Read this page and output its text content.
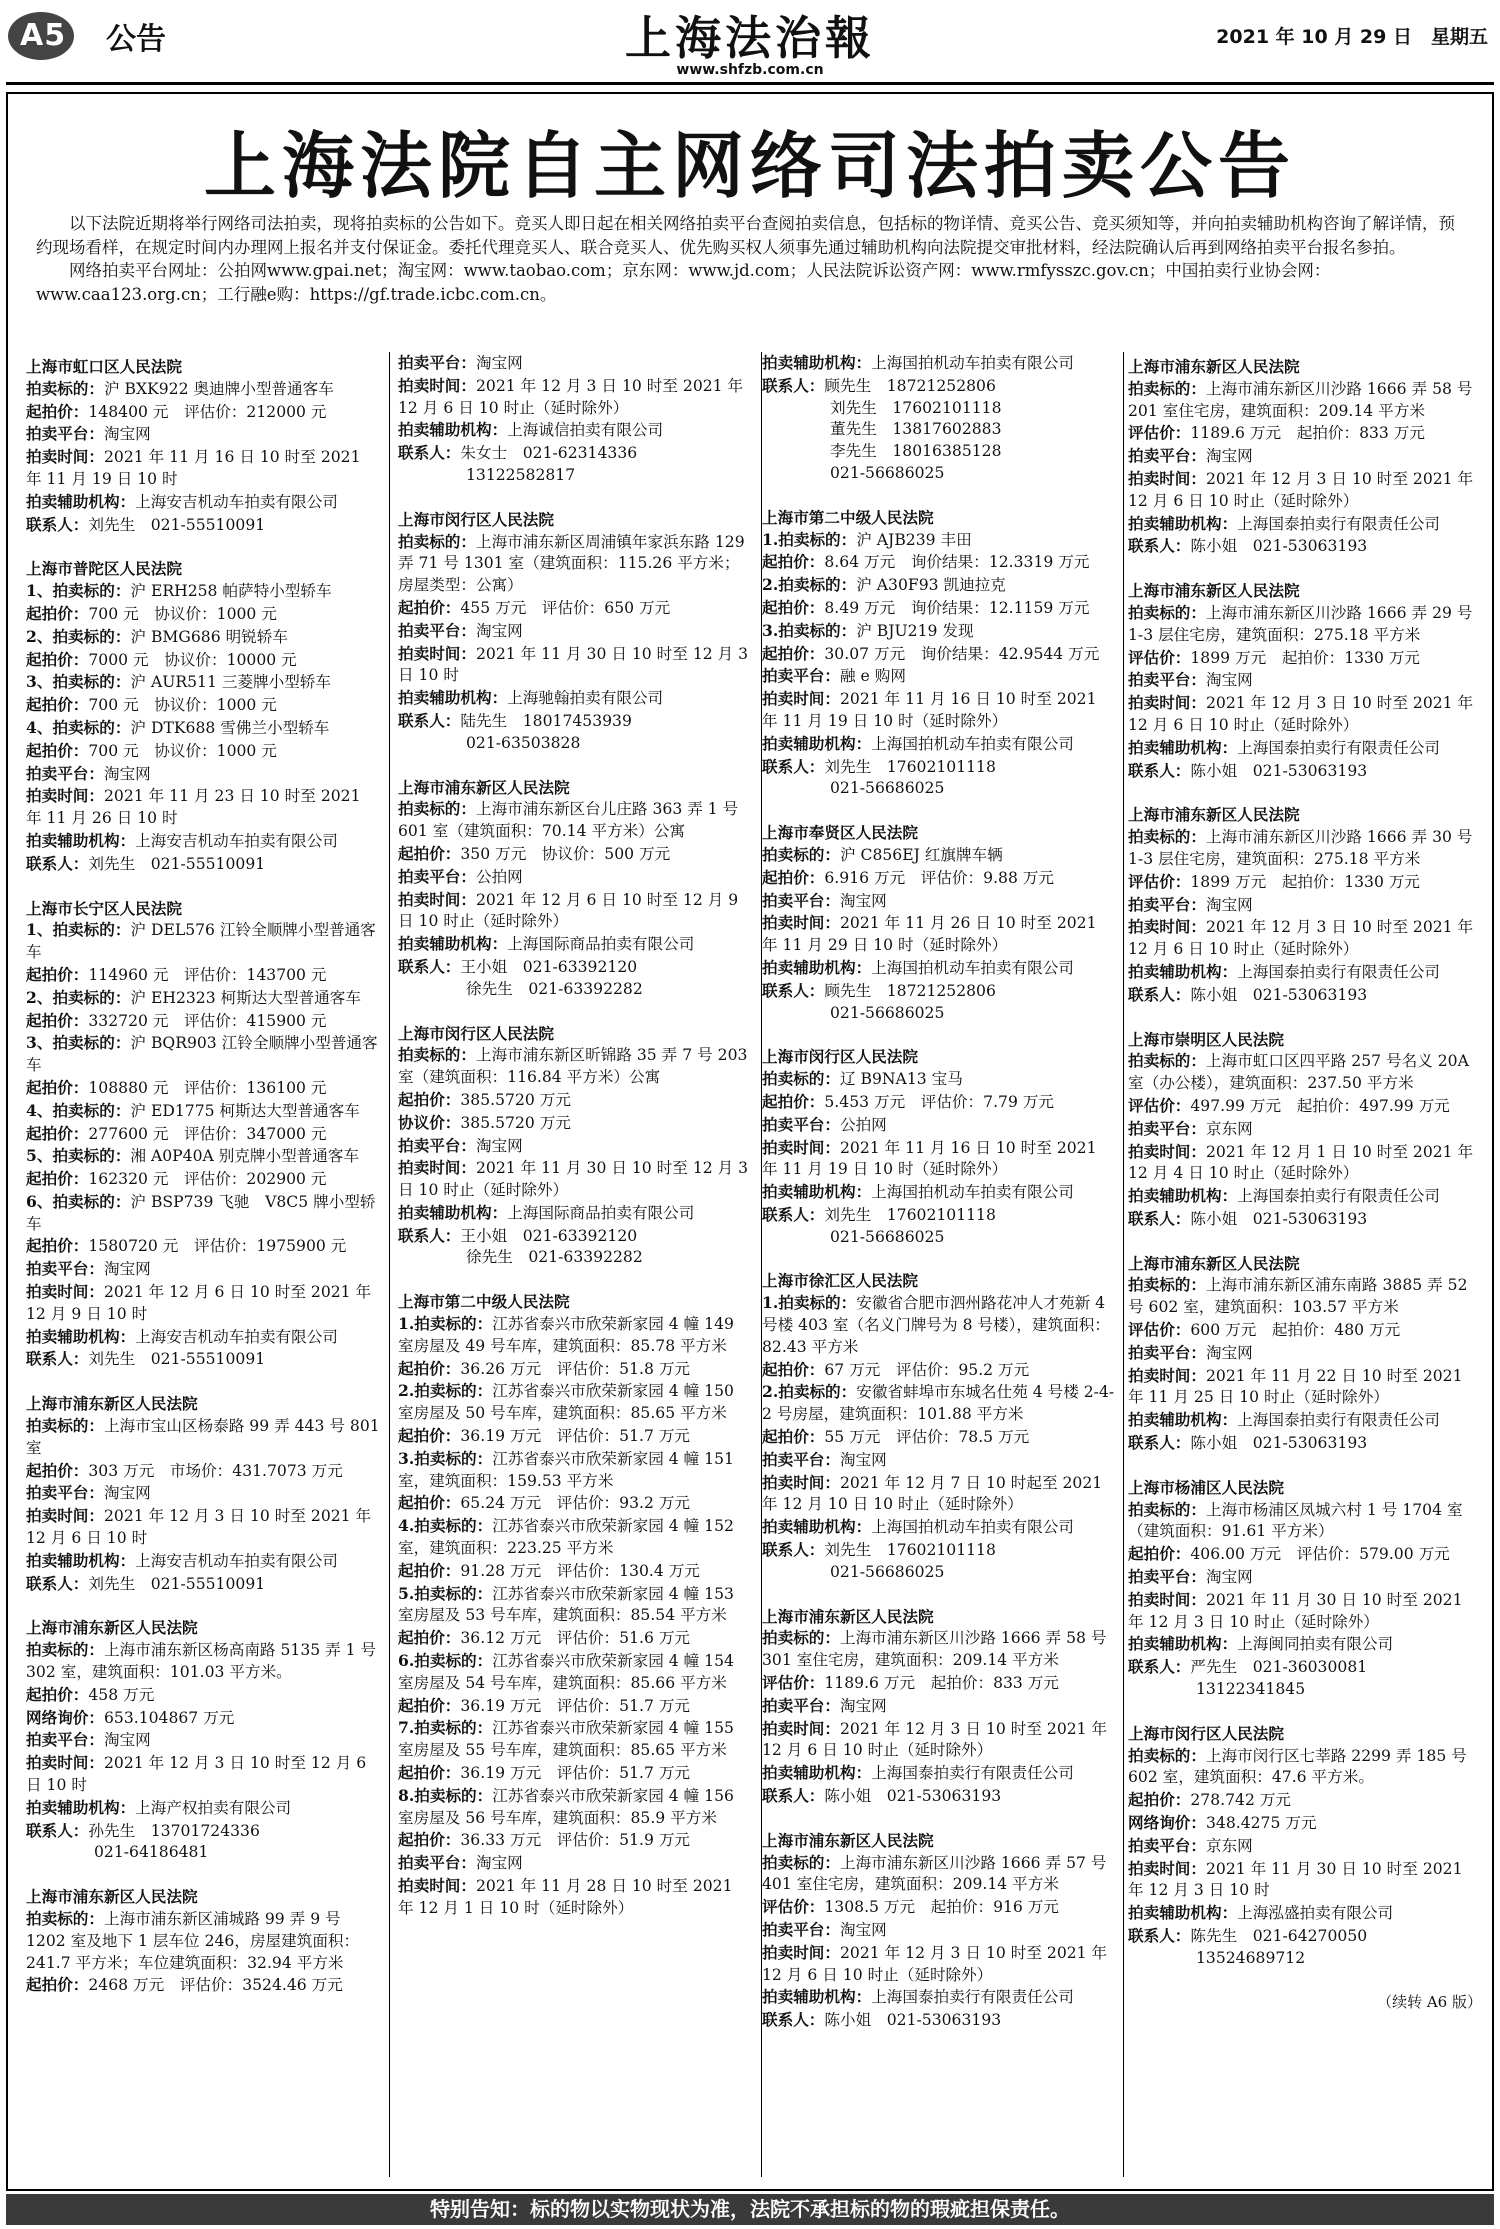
A5 公告	上海法治報
www.shfzb.com.cn
2021 年 10 月 29 日　星期五
上海法院自主网络司法拍卖公告

以下法院近期将举行网络司法拍卖，现将拍卖标的公告如下。竞买人即日起在相关网络拍卖平台查阅拍卖信息，包括标的物详情、竞买公告、竞买须知等，并向拍卖辅助机构咨询了解详情，预约现场看样，在规定时间内办理网上报名并支付保证金。委托代理竞买人、联合竞买人、优先购买权人须事先通过辅助机构向法院提交审批材料，经法院确认后再到网络拍卖平台报名参拍。

网络拍卖平台网址：公拍网www.gpai.net；淘宝网：www.taobao.com；京东网：www.jd.com；人民法院诉讼资产网：www.rmfysszc.gov.cn；中国拍卖行业协会网：www.caa123.org.cn；工行融e购：https://gf.trade.icbc.com.cn。

上海市虹口区人民法院

拍卖标的：沪 BXK922 奥迪牌小型普通客车

起拍价：148400 元　评估价：212000 元

拍卖平台：淘宝网

拍卖时间：2021 年 11 月 16 日 10 时至 2021 年 11 月 19 日 10 时

拍卖辅助机构：上海安吉机动车拍卖有限公司

联系人：刘先生　021-55510091

上海市普陀区人民法院

1、拍卖标的：沪 ERH258 帕萨特小型轿车

起拍价：700 元　协议价：1000 元

2、拍卖标的：沪 BMG686 明锐轿车

起拍价：7000 元　协议价：10000 元

3、拍卖标的：沪 AUR511 三菱牌小型轿车

起拍价：700 元　协议价：1000 元

4、拍卖标的：沪 DTK688 雪佛兰小型轿车

起拍价：700 元　协议价：1000 元

拍卖平台：淘宝网

拍卖时间：2021 年 11 月 23 日 10 时至 2021 年 11 月 26 日 10 时

拍卖辅助机构：上海安吉机动车拍卖有限公司

联系人：刘先生　021-55510091

上海市长宁区人民法院

1、拍卖标的：沪 DEL576 江铃全顺牌小型普通客车

起拍价：114960 元　评估价：143700 元

2、拍卖标的：沪 EH2323 柯斯达大型普通客车

起拍价：332720 元　评估价：415900 元

3、拍卖标的：沪 BQR903 江铃全顺牌小型普通客车

起拍价：108880 元　评估价：136100 元

4、拍卖标的：沪 ED1775 柯斯达大型普通客车

起拍价：277600 元　评估价：347000 元

5、拍卖标的：湘 A0P40A 别克牌小型普通客车

起拍价：162320 元　评估价：202900 元

6、拍卖标的：沪 BSP739 飞驰　V8C5 牌小型轿车

起拍价：1580720 元　评估价：1975900 元

拍卖平台：淘宝网

拍卖时间：2021 年 12 月 6 日 10 时至 2021 年 12 月 9 日 10 时

拍卖辅助机构：上海安吉机动车拍卖有限公司

联系人：刘先生　021-55510091

上海市浦东新区人民法院

拍卖标的：上海市宝山区杨泰路 99 弄 443 号 801 室

起拍价：303 万元　市场价：431.7073 万元

拍卖平台：淘宝网

拍卖时间：2021 年 12 月 3 日 10 时至 2021 年 12 月 6 日 10 时

拍卖辅助机构：上海安吉机动车拍卖有限公司

联系人：刘先生　021-55510091

上海市浦东新区人民法院

拍卖标的：上海市浦东新区杨高南路 5135 弄 1 号 302 室，建筑面积：101.03 平方米。

起拍价：458 万元

网络询价：653.104867 万元

拍卖平台：淘宝网

拍卖时间：2021 年 12 月 3 日 10 时至 12 月 6 日 10 时

拍卖辅助机构：上海产权拍卖有限公司

联系人：孙先生　13701724336

021-64186481

上海市浦东新区人民法院

拍卖标的：上海市浦东新区浦城路 99 弄 9 号 1202 室及地下 1 层车位 246，房屋建筑面积：241.7 平方米；车位建筑面积：32.94 平方米

起拍价：2468 万元　评估价：3524.46 万元

拍卖平台：淘宝网

拍卖时间：2021 年 12 月 3 日 10 时至 2021 年 12 月 6 日 10 时止（延时除外）

拍卖辅助机构：上海诚信拍卖有限公司

联系人：朱女士　021-62314336

13122582817

上海市闵行区人民法院

拍卖标的：上海市浦东新区周浦镇年家浜东路 129 弄 71 号 1301 室（建筑面积：115.26 平方米；房屋类型：公寓）

起拍价：455 万元　评估价：650 万元

拍卖平台：淘宝网

拍卖时间：2021 年 11 月 30 日 10 时至 12 月 3 日 10 时

拍卖辅助机构：上海驰翰拍卖有限公司

联系人：陆先生　18017453939

021-63503828

上海市浦东新区人民法院

拍卖标的：上海市浦东新区台儿庄路 363 弄 1 号 601 室（建筑面积：70.14 平方米）公寓

起拍价：350 万元　协议价：500 万元

拍卖平台：公拍网

拍卖时间：2021 年 12 月 6 日 10 时至 12 月 9 日 10 时止（延时除外）

拍卖辅助机构：上海国际商品拍卖有限公司

联系人：王小姐　021-63392120

徐先生　021-63392282

上海市闵行区人民法院

拍卖标的：上海市浦东新区昕锦路 35 弄 7 号 203 室（建筑面积：116.84 平方米）公寓

起拍价：385.5720 万元

协议价：385.5720 万元

拍卖平台：淘宝网

拍卖时间：2021 年 11 月 30 日 10 时至 12 月 3 日 10 时止（延时除外）

拍卖辅助机构：上海国际商品拍卖有限公司

联系人：王小姐　021-63392120

徐先生　021-63392282

上海市第二中级人民法院

1.拍卖标的：江苏省泰兴市欣荣新家园 4 幢 149 室房屋及 49 号车库，建筑面积：85.78 平方米

起拍价：36.26 万元　评估价：51.8 万元

2.拍卖标的：江苏省泰兴市欣荣新家园 4 幢 150 室房屋及 50 号车库，建筑面积：85.65 平方米

起拍价：36.19 万元　评估价：51.7 万元

3.拍卖标的：江苏省泰兴市欣荣新家园 4 幢 151 室，建筑面积：159.53 平方米

起拍价：65.24 万元　评估价：93.2 万元

4.拍卖标的：江苏省泰兴市欣荣新家园 4 幢 152 室，建筑面积：223.25 平方米

起拍价：91.28 万元　评估价：130.4 万元

5.拍卖标的：江苏省泰兴市欣荣新家园 4 幢 153 室房屋及 53 号车库，建筑面积：85.54 平方米

起拍价：36.12 万元　评估价：51.6 万元

6.拍卖标的：江苏省泰兴市欣荣新家园 4 幢 154 室房屋及 54 号车库，建筑面积：85.66 平方米

起拍价：36.19 万元　评估价：51.7 万元

7.拍卖标的：江苏省泰兴市欣荣新家园 4 幢 155 室房屋及 55 号车库，建筑面积：85.65 平方米

起拍价：36.19 万元　评估价：51.7 万元

8.拍卖标的：江苏省泰兴市欣荣新家园 4 幢 156 室房屋及 56 号车库，建筑面积：85.9 平方米

起拍价：36.33 万元　评估价：51.9 万元

拍卖平台：淘宝网

拍卖时间：2021 年 11 月 28 日 10 时至 2021 年 12 月 1 日 10 时（延时除外）

拍卖辅助机构：上海国拍机动车拍卖有限公司

联系人：顾先生　18721252806

刘先生　17602101118

董先生　13817602883

李先生　18016385128

021-56686025

上海市第二中级人民法院

1.拍卖标的：沪 AJB239 丰田

起拍价：8.64 万元　询价结果：12.3319 万元

2.拍卖标的：沪 A30F93 凯迪拉克

起拍价：8.49 万元　询价结果：12.1159 万元

3.拍卖标的：沪 BJU219 发现

起拍价：30.07 万元　询价结果：42.9544 万元

拍卖平台：融 e 购网

拍卖时间：2021 年 11 月 16 日 10 时至 2021 年 11 月 19 日 10 时（延时除外）

拍卖辅助机构：上海国拍机动车拍卖有限公司

联系人：刘先生　17602101118

021-56686025

上海市奉贤区人民法院

拍卖标的：沪 C856EJ 红旗牌车辆

起拍价：6.916 万元　评估价：9.88 万元

拍卖平台：淘宝网

拍卖时间：2021 年 11 月 26 日 10 时至 2021 年 11 月 29 日 10 时（延时除外）

拍卖辅助机构：上海国拍机动车拍卖有限公司

联系人：顾先生　18721252806

021-56686025

上海市闵行区人民法院

拍卖标的：辽 B9NA13 宝马

起拍价：5.453 万元　评估价：7.79 万元

拍卖平台：公拍网

拍卖时间：2021 年 11 月 16 日 10 时至 2021 年 11 月 19 日 10 时（延时除外）

拍卖辅助机构：上海国拍机动车拍卖有限公司

联系人：刘先生　17602101118

021-56686025

上海市徐汇区人民法院

1.拍卖标的：安徽省合肥市泗州路花冲人才苑新 4 号楼 403 室（名义门牌号为 8 号楼），建筑面积：82.43 平方米

起拍价：67 万元　评估价：95.2 万元

2.拍卖标的：安徽省蚌埠市东城名仕苑 4 号楼 2-4-2 号房屋，建筑面积：101.88 平方米

起拍价：55 万元　评估价：78.5 万元

拍卖平台：淘宝网

拍卖时间：2021 年 12 月 7 日 10 时起至 2021 年 12 月 10 日 10 时止（延时除外）

拍卖辅助机构：上海国拍机动车拍卖有限公司

联系人：刘先生　17602101118

021-56686025

上海市浦东新区人民法院

拍卖标的：上海市浦东新区川沙路 1666 弄 58 号 301 室住宅房，建筑面积：209.14 平方米

评估价：1189.6 万元　起拍价：833 万元

拍卖平台：淘宝网

拍卖时间：2021 年 12 月 3 日 10 时至 2021 年 12 月 6 日 10 时止（延时除外）

拍卖辅助机构：上海国泰拍卖行有限责任公司

联系人：陈小姐　021-53063193

上海市浦东新区人民法院

拍卖标的：上海市浦东新区川沙路 1666 弄 57 号 401 室住宅房，建筑面积：209.14 平方米

评估价：1308.5 万元　起拍价：916 万元

拍卖平台：淘宝网

拍卖时间：2021 年 12 月 3 日 10 时至 2021 年 12 月 6 日 10 时止（延时除外）

拍卖辅助机构：上海国泰拍卖行有限责任公司

联系人：陈小姐　021-53063193

上海市浦东新区人民法院

拍卖标的：上海市浦东新区川沙路 1666 弄 58 号 201 室住宅房，建筑面积：209.14 平方米

评估价：1189.6 万元　起拍价：833 万元

拍卖平台：淘宝网

拍卖时间：2021 年 12 月 3 日 10 时至 2021 年 12 月 6 日 10 时止（延时除外）

拍卖辅助机构：上海国泰拍卖行有限责任公司

联系人：陈小姐　021-53063193

上海市浦东新区人民法院

拍卖标的：上海市浦东新区川沙路 1666 弄 29 号 1-3 层住宅房，建筑面积：275.18 平方米

评估价：1899 万元　起拍价：1330 万元

拍卖平台：淘宝网

拍卖时间：2021 年 12 月 3 日 10 时至 2021 年 12 月 6 日 10 时止（延时除外）

拍卖辅助机构：上海国泰拍卖行有限责任公司

联系人：陈小姐　021-53063193

上海市浦东新区人民法院

拍卖标的：上海市浦东新区川沙路 1666 弄 30 号 1-3 层住宅房，建筑面积：275.18 平方米

评估价：1899 万元　起拍价：1330 万元

拍卖平台：淘宝网

拍卖时间：2021 年 12 月 3 日 10 时至 2021 年 12 月 6 日 10 时止（延时除外）

拍卖辅助机构：上海国泰拍卖行有限责任公司

联系人：陈小姐　021-53063193

上海市崇明区人民法院

拍卖标的：上海市虹口区四平路 257 号名义 20A 室（办公楼），建筑面积：237.50 平方米

评估价：497.99 万元　起拍价：497.99 万元

拍卖平台：京东网

拍卖时间：2021 年 12 月 1 日 10 时至 2021 年 12 月 4 日 10 时止（延时除外）

拍卖辅助机构：上海国泰拍卖行有限责任公司

联系人：陈小姐　021-53063193

上海市浦东新区人民法院

拍卖标的：上海市浦东新区浦东南路 3885 弄 52 号 602 室，建筑面积：103.57 平方米

评估价：600 万元　起拍价：480 万元

拍卖平台：淘宝网

拍卖时间：2021 年 11 月 22 日 10 时至 2021 年 11 月 25 日 10 时止（延时除外）

拍卖辅助机构：上海国泰拍卖行有限责任公司

联系人：陈小姐　021-53063193

上海市杨浦区人民法院

拍卖标的：上海市杨浦区凤城六村 1 号 1704 室（建筑面积：91.61 平方米）

起拍价：406.00 万元　评估价：579.00 万元

拍卖平台：淘宝网

拍卖时间：2021 年 11 月 30 日 10 时至 2021 年 12 月 3 日 10 时止（延时除外）

拍卖辅助机构：上海闽同拍卖有限公司

联系人：严先生　021-36030081

13122341845

上海市闵行区人民法院

拍卖标的：上海市闵行区七莘路 2299 弄 185 号 602 室，建筑面积：47.6 平方米。

起拍价：278.742 万元

网络询价：348.4275 万元

拍卖平台：京东网

拍卖时间：2021 年 11 月 30 日 10 时至 2021 年 12 月 3 日 10 时

拍卖辅助机构：上海泓盛拍卖有限公司

联系人：陈先生　021-64270050

13524689712

（续转 A6 版）
特别告知：标的物以实物现状为准，法院不承担标的物的瑕疵担保责任。
